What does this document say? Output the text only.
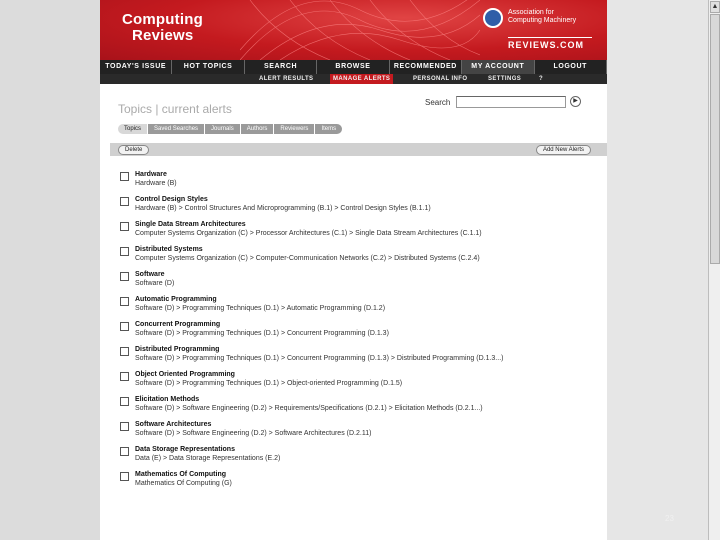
▲
Computing
Reviews
Association for
Computing Machinery
REVIEWS.COM
TODAY'S ISSUE	HOT TOPICS	SEARCH	BROWSE	RECOMMENDED	MY ACCOUNT	LOGOUT
ALERT RESULTS	MANAGE ALERTS	PERSONAL INFO	SETTINGS	?
Topics | current alerts	Search	▶
Topics	Saved Searches	Journals	Authors	Reviewers	Items
Delete	Add New Alerts
Hardware
Hardware (B)
Control Design Styles
Hardware (B) > Control Structures And Microprogramming (B.1) > Control Design Styles (B.1.1)
Single Data Stream Architectures
Computer Systems Organization (C) > Processor Architectures (C.1) > Single Data Stream Architectures (C.1.1)
Distributed Systems
Computer Systems Organization (C) > Computer-Communication Networks (C.2) > Distributed Systems (C.2.4)
Software
Software (D)
Automatic Programming
Software (D) > Programming Techniques (D.1) > Automatic Programming (D.1.2)
Concurrent Programming
Software (D) > Programming Techniques (D.1) > Concurrent Programming (D.1.3)
Distributed Programming
Software (D) > Programming Techniques (D.1) > Concurrent Programming (D.1.3) > Distributed Programming (D.1.3...)
Object Oriented Programming
Software (D) > Programming Techniques (D.1) > Object-oriented Programming (D.1.5)
Elicitation Methods
Software (D) > Software Engineering (D.2) > Requirements/Specifications (D.2.1) > Elicitation Methods (D.2.1...)
Software Architectures
Software (D) > Software Engineering (D.2) > Software Architectures (D.2.11)
Data Storage Representations
Data (E) > Data Storage Representations (E.2)
Mathematics Of Computing
Mathematics Of Computing (G)
23
